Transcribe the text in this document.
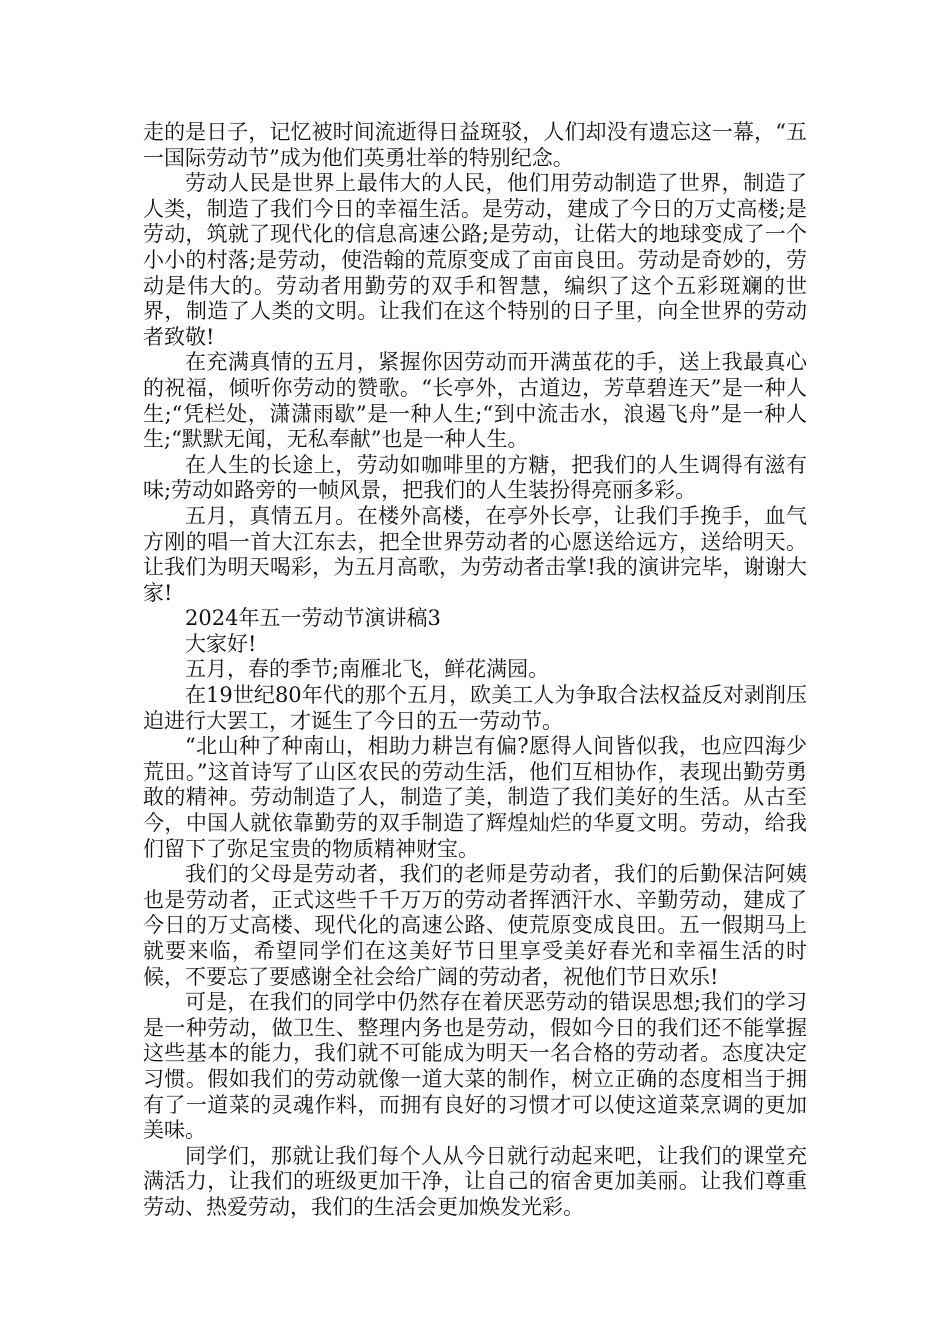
走的是日子，记忆被时间流逝得日益斑驳，人们却没有遗忘这一幕，“五一国际劳动节”成为他们英勇壮举的特别纪念。

劳动人民是世界上最伟大的人民，他们用劳动制造了世界，制造了人类，制造了我们今日的幸福生活。是劳动，建成了今日的万丈高楼;是劳动，筑就了现代化的信息高速公路;是劳动，让偌大的地球变成了一个小小的村落;是劳动，使浩翰的荒原变成了亩亩良田。劳动是奇妙的，劳动是伟大的。劳动者用勤劳的双手和智慧，编织了这个五彩斑斓的世界，制造了人类的文明。让我们在这个特别的日子里，向全世界的劳动者致敬!

在充满真情的五月，紧握你因劳动而开满茧花的手，送上我最真心的祝福，倾听你劳动的赞歌。“长亭外，古道边，芳草碧连天”是一种人生;“凭栏处，潇潇雨歇”是一种人生;“到中流击水，浪遏飞舟”是一种人生;“默默无闻，无私奉献”也是一种人生。

在人生的长途上，劳动如咖啡里的方糖，把我们的人生调得有滋有味;劳动如路旁的一帧风景，把我们的人生装扮得亮丽多彩。

五月，真情五月。在楼外高楼，在亭外长亭，让我们手挽手，血气方刚的唱一首大江东去，把全世界劳动者的心愿送给远方，送给明天。让我们为明天喝彩，为五月高歌，为劳动者击掌!我的演讲完毕，谢谢大家!

2024年五一劳动节演讲稿3

大家好!

五月，春的季节;南雁北飞，鲜花满园。

在19世纪80年代的那个五月，欧美工人为争取合法权益反对剥削压迫进行大罢工，才诞生了今日的五一劳动节。

“北山种了种南山，相助力耕岂有偏?愿得人间皆似我，也应四海少荒田。”这首诗写了山区农民的劳动生活，他们互相协作，表现出勤劳勇敢的精神。劳动制造了人，制造了美，制造了我们美好的生活。从古至今，中国人就依靠勤劳的双手制造了辉煌灿烂的华夏文明。劳动，给我们留下了弥足宝贵的物质精神财宝。

我们的父母是劳动者，我们的老师是劳动者，我们的后勤保洁阿姨也是劳动者，正式这些千千万万的劳动者挥洒汗水、辛勤劳动，建成了今日的万丈高楼、现代化的高速公路、使荒原变成良田。五一假期马上就要来临，希望同学们在这美好节日里享受美好春光和幸福生活的时候，不要忘了要感谢全社会给广阔的劳动者，祝他们节日欢乐!

可是，在我们的同学中仍然存在着厌恶劳动的错误思想;我们的学习是一种劳动，做卫生、整理内务也是劳动，假如今日的我们还不能掌握这些基本的能力，我们就不可能成为明天一名合格的劳动者。态度决定习惯。假如我们的劳动就像一道大菜的制作，树立正确的态度相当于拥有了一道菜的灵魂作料，而拥有良好的习惯才可以使这道菜烹调的更加美味。

同学们，那就让我们每个人从今日就行动起来吧，让我们的课堂充满活力，让我们的班级更加干净，让自己的宿舍更加美丽。让我们尊重劳动、热爱劳动，我们的生活会更加焕发光彩。
